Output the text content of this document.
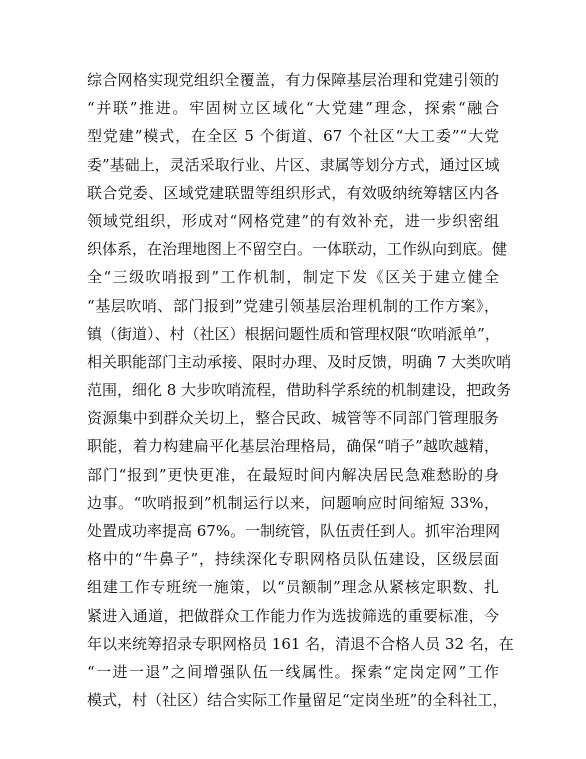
综合网格实现党组织全覆盖，有力保障基层治理和党建引领的
“并联”推进。牢固树立区域化“大党建”理念，探索“融合
型党建”模式，在全区 5 个街道、67 个社区“大工委”“大党
委”基础上，灵活采取行业、片区、隶属等划分方式，通过区域
联合党委、区域党建联盟等组织形式，有效吸纳统筹辖区内各
领域党组织，形成对“网格党建”的有效补充，进一步织密组
织体系，在治理地图上不留空白。一体联动，工作纵向到底。健
全“三级吹哨报到”工作机制，制定下发《区关于建立健全
“基层吹哨、部门报到”党建引领基层治理机制的工作方案》，
镇（街道）、村（社区）根据问题性质和管理权限“吹哨派单”，
相关职能部门主动承接、限时办理、及时反馈，明确 7 大类吹哨
范围，细化 8 大步吹哨流程，借助科学系统的机制建设，把政务
资源集中到群众关切上，整合民政、城管等不同部门管理服务
职能，着力构建扁平化基层治理格局，确保“哨子”越吹越精，
部门“报到”更快更准，在最短时间内解决居民急难愁盼的身
边事。“吹哨报到”机制运行以来，问题响应时间缩短 33%，
处置成功率提高 67%。一制统管，队伍责任到人。抓牢治理网
格中的“牛鼻子”，持续深化专职网格员队伍建设，区级层面
组建工作专班统一施策，以“员额制”理念从紧核定职数、扎
紧进入通道，把做群众工作能力作为选拔筛选的重要标准，今
年以来统筹招录专职网格员 161 名，清退不合格人员 32 名，在
“一进一退”之间增强队伍一线属性。探索“定岗定网”工作
模式，村（社区）结合实际工作量留足“定岗坐班”的全科社工，
